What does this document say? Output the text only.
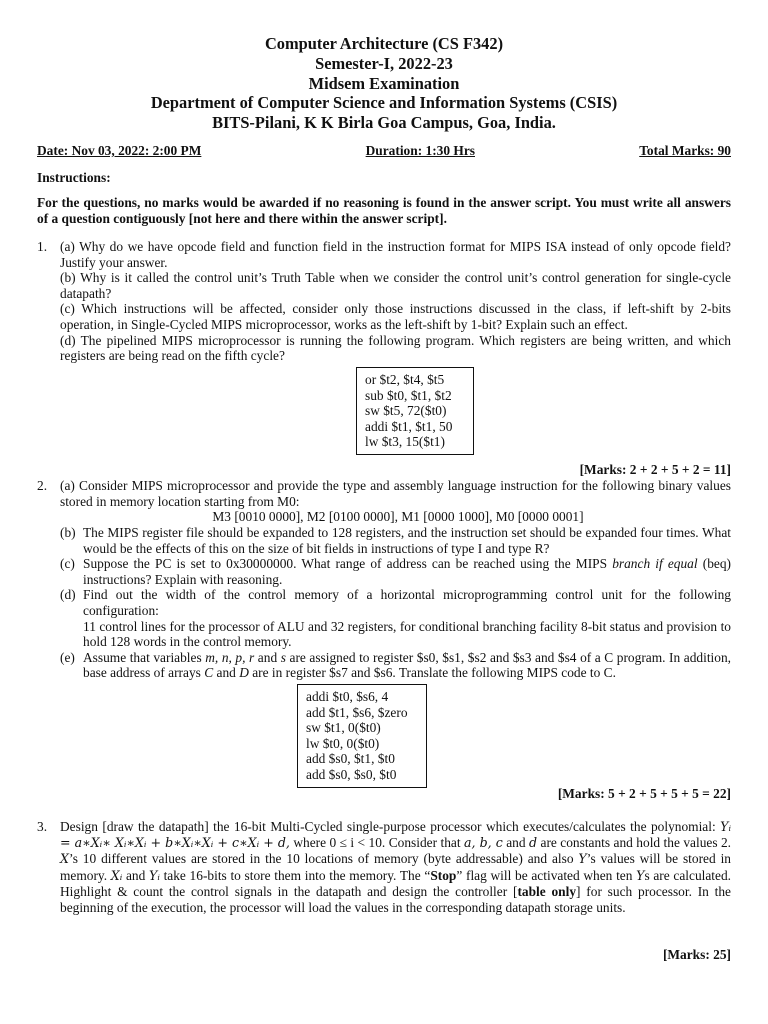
Computer Architecture (CS F342)
Semester-I, 2022-23
Midsem Examination
Department of Computer Science and Information Systems (CSIS)
BITS-Pilani, K K Birla Goa Campus, Goa, India.
Date: Nov 03, 2022: 2:00 PM	Duration: 1:30 Hrs	Total Marks: 90
Instructions:
For the questions, no marks would be awarded if no reasoning is found in the answer script. You must write all answers of a question contiguously [not here and there within the answer script].
1. (a) Why do we have opcode field and function field in the instruction format for MIPS ISA instead of only opcode field? Justify your answer.
(b) Why is it called the control unit’s Truth Table when we consider the control unit’s control generation for single-cycle datapath?
(c) Which instructions will be affected, consider only those instructions discussed in the class, if left-shift by 2-bits operation, in Single-Cycled MIPS microprocessor, works as the left-shift by 1-bit? Explain such an effect.
(d) The pipelined MIPS microprocessor is running the following program. Which registers are being written, and which registers are being read on the fifth cycle?
or $t2, $t4, $t5
sub $t0, $t1, $t2
sw $t5, 72($t0)
addi $t1, $t1, 50
lw $t3, 15($t1)
[Marks: 2 + 2 + 5 + 2 = 11]
2. (a) Consider MIPS microprocessor and provide the type and assembly language instruction for the following binary values stored in memory location starting from M0:
M3 [0010 0000], M2 [0100 0000], M1 [0000 1000], M0 [0000 0001]
(b) The MIPS register file should be expanded to 128 registers, and the instruction set should be expanded four times. What would be the effects of this on the size of bit fields in instructions of type I and type R?
(c) Suppose the PC is set to 0x30000000. What range of address can be reached using the MIPS branch if equal (beq) instructions? Explain with reasoning.
(d) Find out the width of the control memory of a horizontal microprogramming control unit for the following configuration:
11 control lines for the processor of ALU and 32 registers, for conditional branching facility 8-bit status and provision to hold 128 words in the control memory.
(e) Assume that variables m, n, p, r and s are assigned to register $s0, $s1, $s2 and $s3 and $s4 of a C program. In addition, base address of arrays C and D are in register $s7 and $s6. Translate the following MIPS code to C.
addi $t0, $s6, 4
add $t1, $s6, $zero
sw $t1, 0($t0)
lw $t0, 0($t0)
add $s0, $t1, $t0
add $s0, $s0, $t0
[Marks: 5 + 2 + 5 + 5 + 5 = 22]
3. Design [draw the datapath] the 16-bit Multi-Cycled single-purpose processor which executes/calculates the polynomial: Yᵢ = a∗Xᵢ∗ Xᵢ∗Xᵢ + b∗Xᵢ∗Xᵢ + c∗Xᵢ + d, where 0 ≤ i < 10. Consider that a, b, c and d are constants and hold the values 2. X’s 10 different values are stored in the 10 locations of memory (byte addressable) and also Y’s values will be stored in memory. Xᵢ and Yᵢ take 16-bits to store them into the memory. The “Stop” flag will be activated when ten Ys are calculated. Highlight & count the control signals in the datapath and design the controller [table only] for such processor. In the beginning of the execution, the processor will load the values in the corresponding datapath storage units.
[Marks: 25]
